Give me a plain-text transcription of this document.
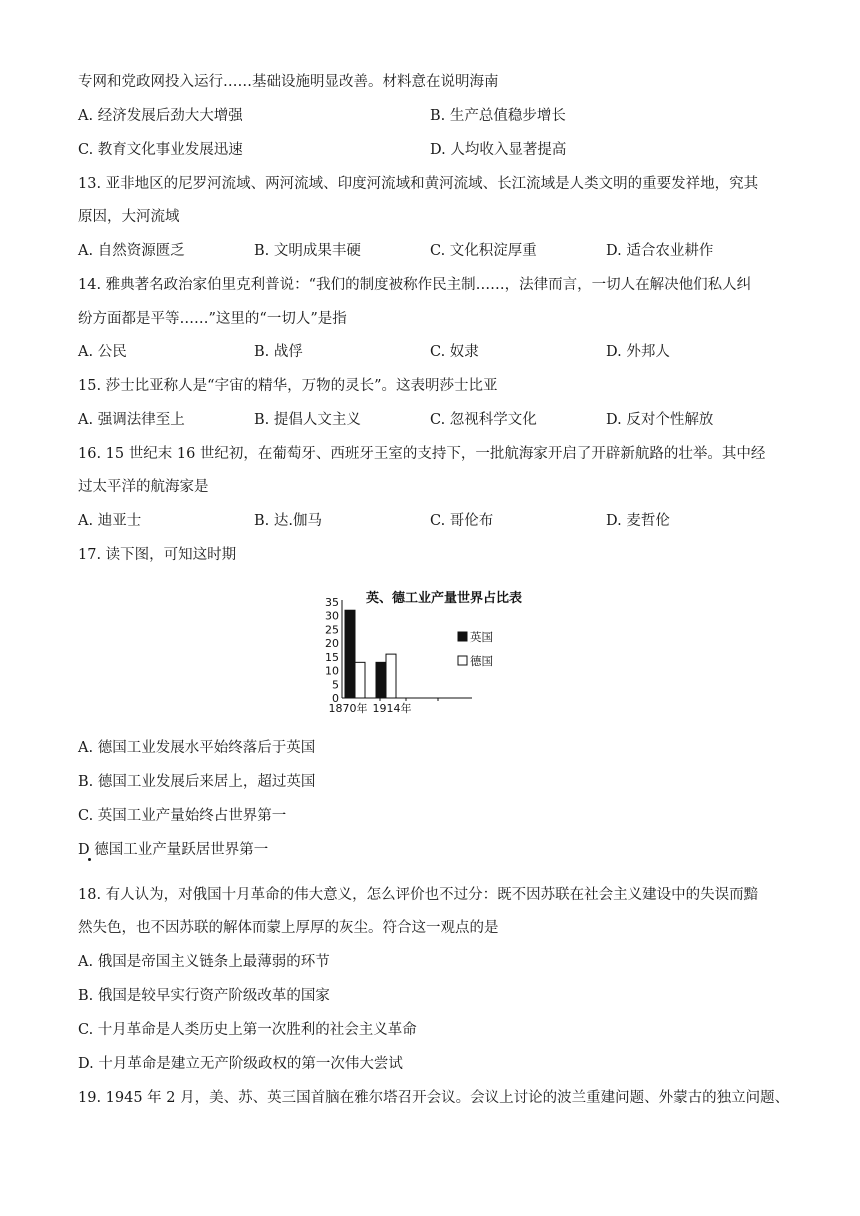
专网和党政网投入运行……基础设施明显改善。材料意在说明海南
A. 经济发展后劲大大增强	B. 生产总值稳步增长
C. 教育文化事业发展迅速	D. 人均收入显著提高
13. 亚非地区的尼罗河流域、两河流域、印度河流域和黄河流域、长江流域是人类文明的重要发祥地，究其
原因，大河流域
A. 自然资源匮乏	B. 文明成果丰硬	C. 文化积淀厚重	D. 适合农业耕作
14. 雅典著名政治家伯里克利普说：“我们的制度被称作民主制……，法律而言，一切人在解决他们私人纠
纷方面都是平等……”这里的“一切人”是指
A. 公民	B. 战俘	C. 奴隶	D. 外邦人
15. 莎士比亚称人是“宇宙的精华，万物的灵长”。这表明莎士比亚
A. 强调法律至上	B. 提倡人文主义	C. 忽视科学文化	D. 反对个性解放
16. 15 世纪末 16 世纪初，在葡萄牙、西班牙王室的支持下，一批航海家开启了开辟新航路的壮举。其中经
过太平洋的航海家是
A. 迪亚士	B. 达.伽马	C. 哥伦布	D. 麦哲伦
17. 读下图，可知这时期
英、德工业产量世界占比表
0
5
10
15
20
25
30
35
1870年 1914年
英国
德国
A. 德国工业发展水平始终落后于英国
B. 德国工业发展后来居上，超过英国
C. 英国工业产量始终占世界第一
D 德国工业产量跃居世界第一
18. 有人认为，对俄国十月革命的伟大意义，怎么评价也不过分：既不因苏联在社会主义建设中的失误而黯
然失色，也不因苏联的解体而蒙上厚厚的灰尘。符合这一观点的是
A. 俄国是帝国主义链条上最薄弱的环节
B. 俄国是较早实行资产阶级改革的国家
C. 十月革命是人类历史上第一次胜利的社会主义革命
D. 十月革命是建立无产阶级政权的第一次伟大尝试
19. 1945 年 2 月，美、苏、英三国首脑在雅尔塔召开会议。会议上讨论的波兰重建问题、外蒙古的独立问题、
